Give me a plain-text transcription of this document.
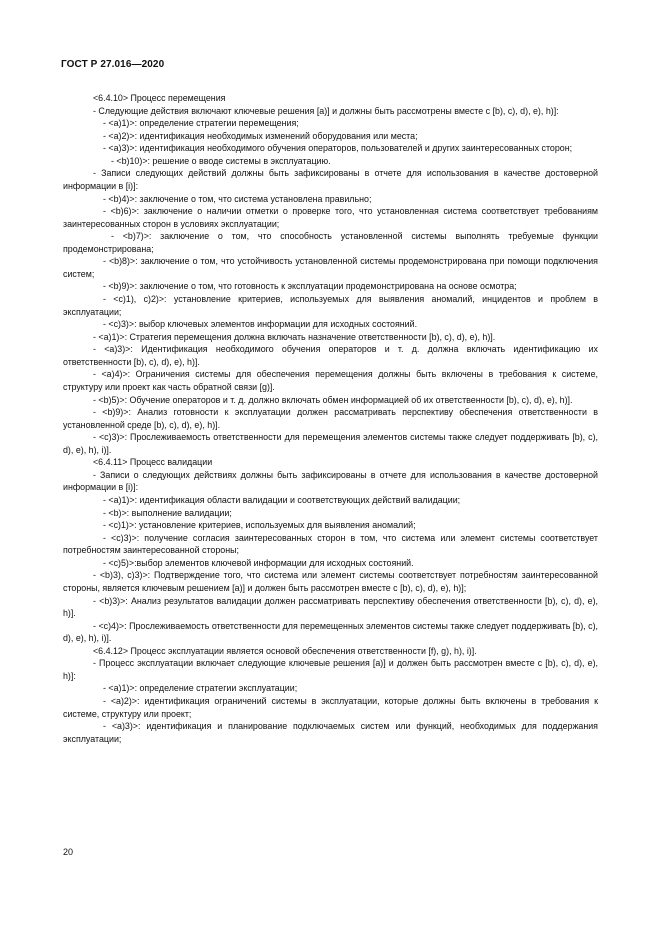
ГОСТ Р 27.016—2020

<6.4.10> Процесс перемещения

- Следующие действия включают ключевые решения [a)] и должны быть рассмотрены вместе с [b), c), d), e), h)]:

- <a)1)>: определение стратегии перемещения;

- <a)2)>: идентификация необходимых изменений оборудования или места;

- <a)3)>: идентификация необходимого обучения операторов, пользователей и других заинтересованных сторон;

- <b)10)>: решение о вводе системы в эксплуатацию.

- Записи следующих действий должны быть зафиксированы в отчете для использования в качестве достоверной информации в [i)]:

- <b)4)>: заключение о том, что система установлена правильно;

- <b)6)>: заключение о наличии отметки о проверке того, что установленная система соответствует требованиям заинтересованных сторон в условиях эксплуатации;

- <b)7)>: заключение о том, что способность установленной системы выполнять требуемые функции продемонстрирована;

- <b)8)>: заключение о том, что устойчивость установленной системы продемонстрирована при помощи подключения систем;

- <b)9)>: заключение о том, что готовность к эксплуатации продемонстрирована на основе осмотра;

- <c)1), c)2)>: установление критериев, используемых для выявления аномалий, инцидентов и проблем в эксплуатации;

- <c)3)>: выбор ключевых элементов информации для исходных состояний.

- <a)1)>: Стратегия перемещения должна включать назначение ответственности [b), c), d), e), h)].

- <a)3)>: Идентификация необходимого обучения операторов и т. д. должна включать идентификацию их ответственности [b), c), d), e), h)].

- <a)4)>: Ограничения системы для обеспечения перемещения должны быть включены в требования к системе, структуру или проект как часть обратной связи [g)].

- <b)5)>: Обучение операторов и т. д. должно включать обмен информацией об их ответственности [b), c), d), e), h)].

- <b)9)>: Анализ готовности к эксплуатации должен рассматривать перспективу обеспечения ответственности в установленной среде [b), c), d), e), h)].

- <c)3)>: Прослеживаемость ответственности для перемещения элементов системы также следует поддерживать [b), c), d), e), h), i)].

<6.4.11> Процесс валидации

- Записи о следующих действиях должны быть зафиксированы в отчете для использования в качестве достоверной информации в [i)]:

- <a)1)>: идентификация области валидации и соответствующих действий валидации;

- <b)>: выполнение валидации;

- <c)1)>: установление критериев, используемых для выявления аномалий;

- <c)3)>: получение согласия заинтересованных сторон в том, что система или элемент системы соответствует потребностям заинтересованной стороны;

- <c)5)>:выбор элементов ключевой информации для исходных состояний.

- <b)3), c)3)>: Подтверждение того, что система или элемент системы соответствует потребностям заинтересованной стороны, является ключевым решением [a)] и должен быть рассмотрен вместе с [b), c), d), e), h)];

- <b)3)>: Анализ результатов валидации должен рассматривать перспективу обеспечения ответственности [b), c), d), e), h)].

- <c)4)>: Прослеживаемость ответственности для перемещенных элементов системы также следует поддерживать [b), c), d), e), h), i)].

<6.4.12> Процесс эксплуатации является основой обеспечения ответственности [f), g), h), i)].

- Процесс эксплуатации включает следующие ключевые решения [a)] и должен быть рассмотрен вместе с [b), c), d), e), h)]:

- <a)1)>: определение стратегии эксплуатации;

- <a)2)>: идентификация ограничений системы в эксплуатации, которые должны быть включены в требования к системе, структуру или проект;

- <a)3)>: идентификация и планирование подключаемых систем или функций, необходимых для поддержания эксплуатации;

20
